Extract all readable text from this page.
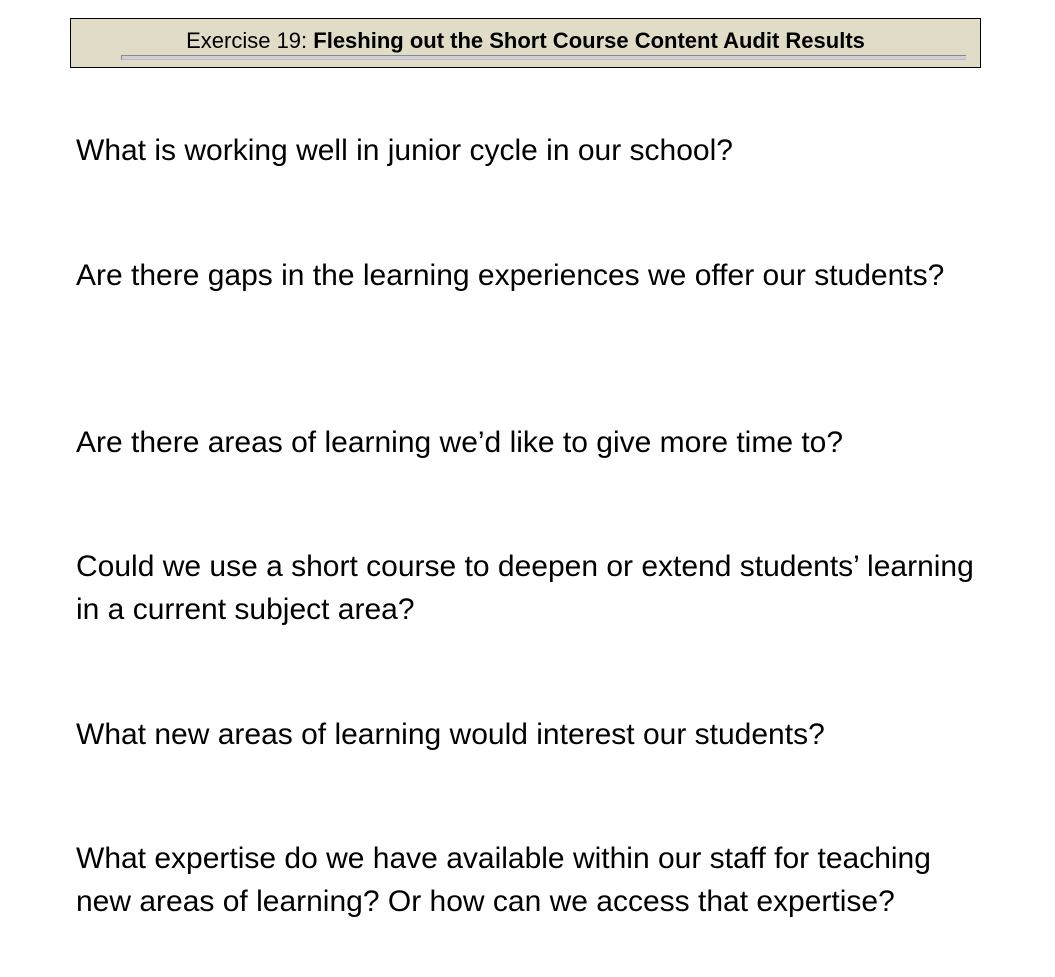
Exercise 19: Fleshing out the Short Course Content Audit Results

What is working well in junior cycle in our school?

Are there gaps in the learning experiences we offer our students?

Are there areas of learning we’d like to give more time to?

Could we use a short course to deepen or extend students’ learning in a current subject area?

What new areas of learning would interest our students?

What expertise do we have available within our staff for teaching new areas of learning? Or how can we access that expertise?
